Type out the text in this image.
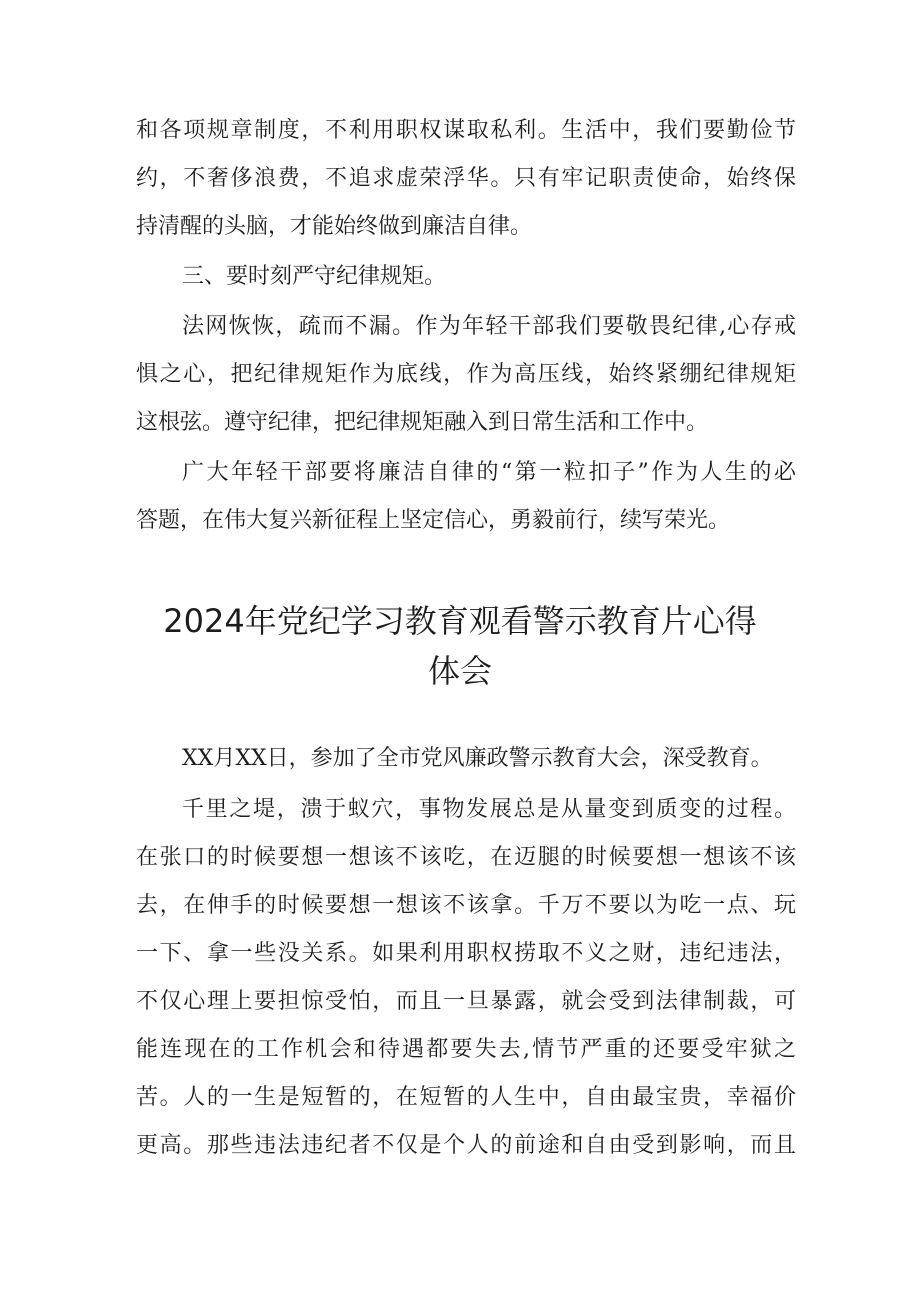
和各项规章制度，不利用职权谋取私利。生活中，我们要勤俭节
约，不奢侈浪费，不追求虚荣浮华。只有牢记职责使命，始终保
持清醒的头脑，才能始终做到廉洁自律。
三、要时刻严守纪律规矩。
法网恢恢，疏而不漏。作为年轻干部我们要敬畏纪律,心存戒
惧之心，把纪律规矩作为底线，作为高压线，始终紧绷纪律规矩
这根弦。遵守纪律，把纪律规矩融入到日常生活和工作中。
广大年轻干部要将廉洁自律的“第一粒扣子”作为人生的必
答题，在伟大复兴新征程上坚定信心，勇毅前行，续写荣光。
2024年党纪学习教育观看警示教育片心得
体会
XX月XX日，参加了全市党风廉政警示教育大会，深受教育。
千里之堤，溃于蚁穴，事物发展总是从量变到质变的过程。
在张口的时候要想一想该不该吃，在迈腿的时候要想一想该不该
去，在伸手的时候要想一想该不该拿。千万不要以为吃一点、玩
一下、拿一些没关系。如果利用职权捞取不义之财，违纪违法，
不仅心理上要担惊受怕，而且一旦暴露，就会受到法律制裁，可
能连现在的工作机会和待遇都要失去,情节严重的还要受牢狱之
苦。人的一生是短暂的，在短暂的人生中，自由最宝贵，幸福价
更高。那些违法违纪者不仅是个人的前途和自由受到影响，而且
